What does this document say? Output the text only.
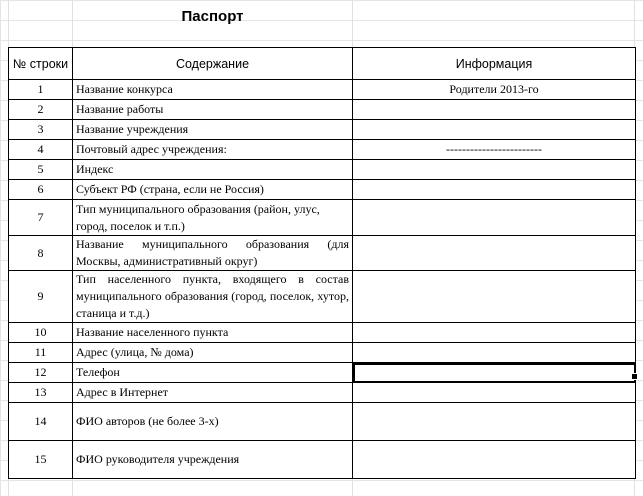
Паспорт
№ строки	Содержание	Информация
1	Название конкурса	Родители 2013-го
2	Название работы	
3	Название учреждения	
4	Почтовый адрес учреждения:	------------------------
5	Индекс	
6	Субъект РФ (страна, если не Россия)	
7	Тип муниципального образования (район, улус, город, поселок и т.п.)	
8	Название муниципального образования (для Москвы, административный округ)	
9	Тип населенного пункта, входящего в состав муниципального образования (город, поселок, хутор, станица и т.д.)	
10	Название населенного пункта	
11	Адрес (улица, № дома)	
12	Телефон	
13	Адрес в Интернет	
14	ФИО авторов (не более 3-х)	
15	ФИО руководителя учреждения	
